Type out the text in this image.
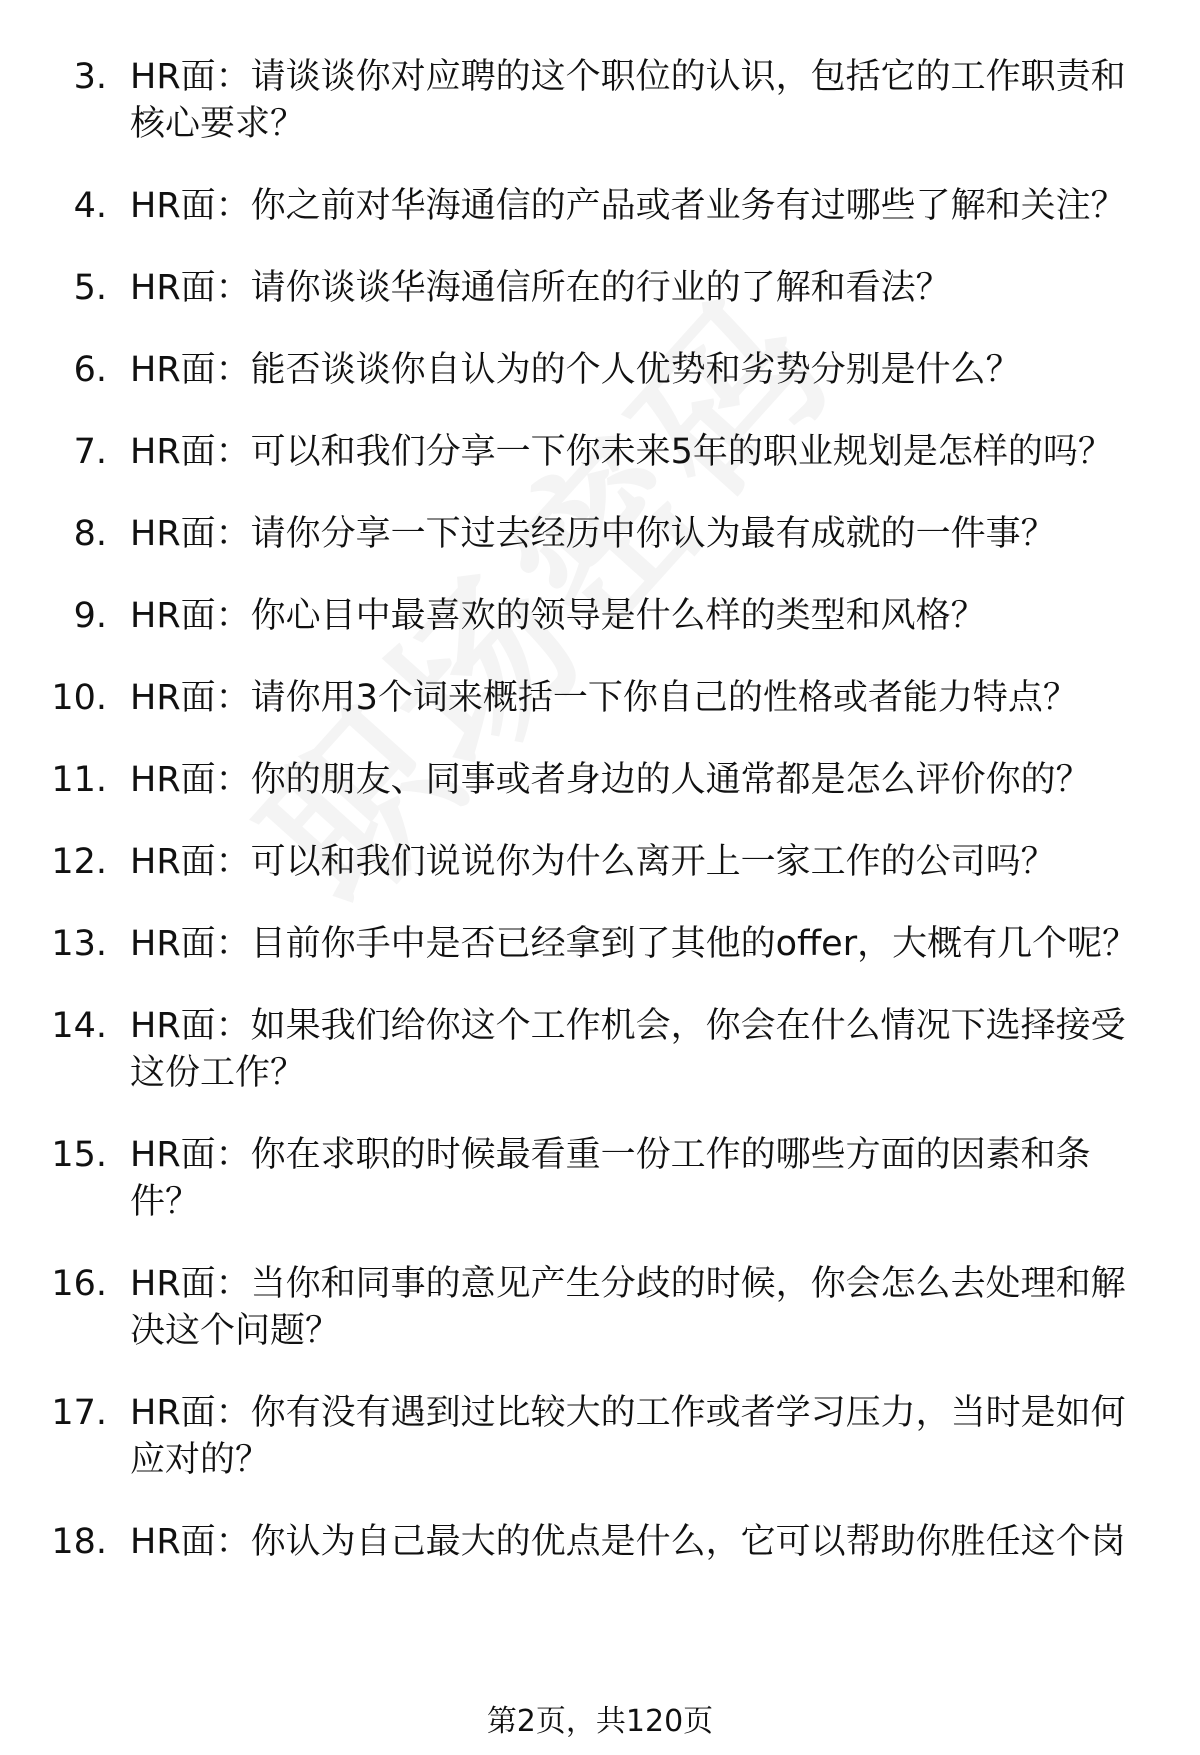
3. HR面：请谈谈你对应聘的这个职位的认识，包括它的工作职责和核心要求？
4. HR面：你之前对华海通信的产品或者业务有过哪些了解和关注？
5. HR面：请你谈谈华海通信所在的行业的了解和看法？
6. HR面：能否谈谈你自认为的个人优势和劣势分别是什么？
7. HR面：可以和我们分享一下你未来5年的职业规划是怎样的吗？
8. HR面：请你分享一下过去经历中你认为最有成就的一件事？
9. HR面：你心目中最喜欢的领导是什么样的类型和风格？
10. HR面：请你用3个词来概括一下你自己的性格或者能力特点？
11. HR面：你的朋友、同事或者身边的人通常都是怎么评价你的？
12. HR面：可以和我们说说你为什么离开上一家工作的公司吗？
13. HR面：目前你手中是否已经拿到了其他的offer，大概有几个呢？
14. HR面：如果我们给你这个工作机会，你会在什么情况下选择接受这份工作？
15. HR面：你在求职的时候最看重一份工作的哪些方面的因素和条件？
16. HR面：当你和同事的意见产生分歧的时候，你会怎么去处理和解决这个问题？
17. HR面：你有没有遇到过比较大的工作或者学习压力，当时是如何应对的？
18. HR面：你认为自己最大的优点是什么，它可以帮助你胜任这个岗
第2页，共120页
